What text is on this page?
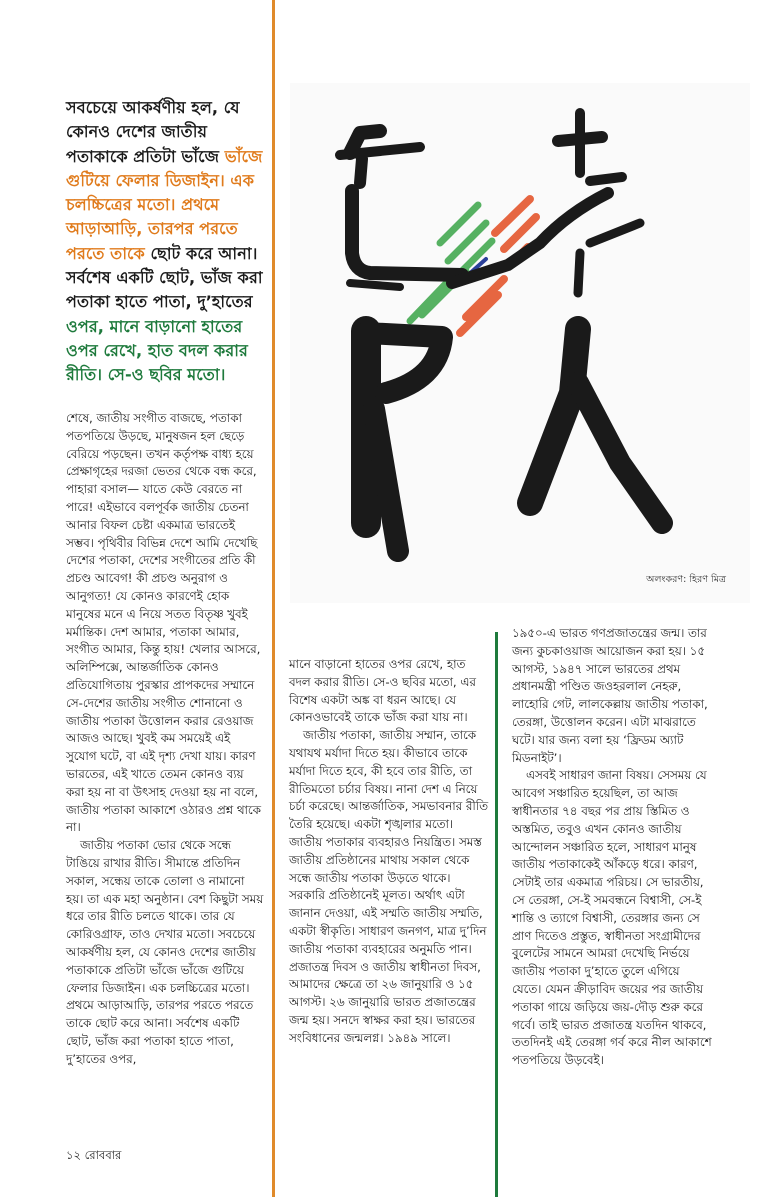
সবচেয়ে আকর্ষণীয় হল, যে কোনও দেশের জাতীয় পতাকাকে প্রতিটা ভাঁজে ভাঁজে গুটিয়ে ফেলার ডিজাইন। এক চলচ্চিত্রের মতো। প্রথমে আড়াআড়ি, তারপর পরতে পরতে তাকে ছোট করে আনা। সর্বশেষ একটি ছোট, ভাঁজ করা পতাকা হাতে পাতা, দু’হাতের ওপর, মানে বাড়ানো হাতের ওপর রেখে, হাত বদল করার রীতি। সে-ও ছবির মতো।
অলংকরণ: হিরণ মিত্র

শেষে, জাতীয় সংগীত বাজছে, পতাকা পতপতিয়ে উড়ছে, মানুষজন হল ছেড়ে বেরিয়ে পড়ছেন। তখন কর্তৃপক্ষ বাধ্য হয়ে প্রেক্ষাগৃহের দরজা ভেতর থেকে বন্ধ করে, পাহারা বসাল— যাতে কেউ বেরতে না পারে! এইভাবে বলপূর্বক জাতীয় চেতনা আনার বিফল চেষ্টা একমাত্র ভারতেই সম্ভব। পৃথিবীর বিভিন্ন দেশে আমি দেখেছি দেশের পতাকা, দেশের সংগীতের প্রতি কী প্রচণ্ড আবেগ! কী প্রচণ্ড অনুরাগ ও আনুগত্য! যে কোনও কারণেই হোক মানুষের মনে এ নিয়ে সতত বিতৃষ্ণ খুবই মর্মান্তিক। দেশ আমার, পতাকা আমার, সংগীত আমার, কিন্তু হায়! খেলার আসরে, অলিম্পিক্সে, আন্তর্জাতিক কোনও প্রতিযোগিতায় পুরস্কার প্রাপকদের সম্মানে সে-দেশের জাতীয় সংগীত শোনানো ও জাতীয় পতাকা উত্তোলন করার রেওয়াজ আজও আছে। খুবই কম সময়েই এই সুযোগ ঘটে, বা এই দৃশ্য দেখা যায়। কারণ ভারতের, এই খাতে তেমন কোনও ব্যয় করা হয় না বা উৎসাহ দেওয়া হয় না বলে, জাতীয় পতাকা আকাশে ওঠারও প্রশ্ন থাকে না।

জাতীয় পতাকা ভোর থেকে সন্ধে টাঙিয়ে রাখার রীতি। সীমান্তে প্রতিদিন সকাল, সন্ধেয় তাকে তোলা ও নামানো হয়। তা এক মহা অনুষ্ঠান। বেশ কিছুটা সময় ধরে তার রীতি চলতে থাকে। তার যে কোরিওগ্রাফ, তাও দেখার মতো। সবচেয়ে আকর্ষণীয় হল, যে কোনও দেশের জাতীয় পতাকাকে প্রতিটা ভাঁজে ভাঁজে গুটিয়ে ফেলার ডিজাইন। এক চলচ্চিত্রের মতো। প্রথমে আড়াআড়ি, তারপর পরতে পরতে তাকে ছোট করে আনা। সর্বশেষ একটি ছোট, ভাঁজ করা পতাকা হাতে পাতা, দু’হাতের ওপর,

মানে বাড়ানো হাতের ওপর রেখে, হাত বদল করার রীতি। সে-ও ছবির মতো, এর বিশেষ একটা অঙ্ক বা ধরন আছে। যে কোনওভাবেই তাকে ভাঁজ করা যায় না।

জাতীয় পতাকা, জাতীয় সম্মান, তাকে যথাযথ মর্যাদা দিতে হয়। কীভাবে তাকে মর্যাদা দিতে হবে, কী হবে তার রীতি, তা রীতিমতো চর্চার বিষয়। নানা দেশ এ নিয়ে চর্চা করেছে। আন্তর্জাতিক, সমভাবনার রীতি তৈরি হয়েছে। একটা শৃঙ্খলার মতো। জাতীয় পতাকার ব্যবহারও নিয়ন্ত্রিত। সমস্ত জাতীয় প্রতিষ্ঠানের মাথায় সকাল থেকে সন্ধে জাতীয় পতাকা উড়তে থাকে। সরকারি প্রতিষ্ঠানেই মূলত। অর্থাৎ এটা জানান দেওয়া, এই সম্মতি জাতীয় সম্মতি, একটা স্বীকৃতি। সাধারণ জনগণ, মাত্র দু’দিন জাতীয় পতাকা ব্যবহারের অনুমতি পান। প্রজাতন্ত্র দিবস ও জাতীয় স্বাধীনতা দিবস, আমাদের ক্ষেত্রে তা ২৬ জানুয়ারি ও ১৫ আগস্ট। ২৬ জানুয়ারি ভারত প্রজাতন্ত্রের জন্ম হয়। সনদে স্বাক্ষর করা হয়। ভারতের সংবিধানের জন্মলগ্ন। ১৯৪৯ সালে।

১৯৫০-এ ভারত গণপ্রজাতন্ত্রের জন্ম। তার জন্য কুচকাওয়াজ আয়োজন করা হয়। ১৫ আগস্ট, ১৯৪৭ সালে ভারতের প্রথম প্রধানমন্ত্রী পণ্ডিত জওহরলাল নেহরু, লাহোরি গেট, লালকেল্লায় জাতীয় পতাকা, তেরঙ্গা, উত্তোলন করেন। এটা মাঝরাতে ঘটে। যার জন্য বলা হয় ‘ফ্রিডম অ্যাট মিডনাইট’।

এসবই সাধারণ জানা বিষয়। সেসময় যে আবেগ সঞ্চারিত হয়েছিল, তা আজ স্বাধীনতার ৭৪ বছর পর প্রায় স্তিমিত ও অস্তমিত, তবুও এখন কোনও জাতীয় আন্দোলন সঞ্চারিত হলে, সাধারণ মানুষ জাতীয় পতাকাকেই আঁকড়ে ধরে। কারণ, সেটাই তার একমাত্র পরিচয়। সে ভারতীয়, সে তেরঙ্গা, সে-ই সমবন্ধনে বিশ্বাসী, সে-ই শান্তি ও ত্যাগে বিশ্বাসী, তেরঙ্গার জন্য সে প্রাণ দিতেও প্রস্তুত, স্বাধীনতা সংগ্রামীদের বুলেটের সামনে আমরা দেখেছি নির্ভয়ে জাতীয় পতাকা দু’হাতে তুলে এগিয়ে যেতে। যেমন ক্রীড়াবিদ জয়ের পর জাতীয় পতাকা গায়ে জড়িয়ে জয়-দৌড় শুরু করে গর্বে। তাই ভারত প্রজাতন্ত্র যতদিন থাকবে, ততদিনই এই তেরঙ্গা গর্ব করে নীল আকাশে পতপতিয়ে উড়বেই।

১২ রোববার
